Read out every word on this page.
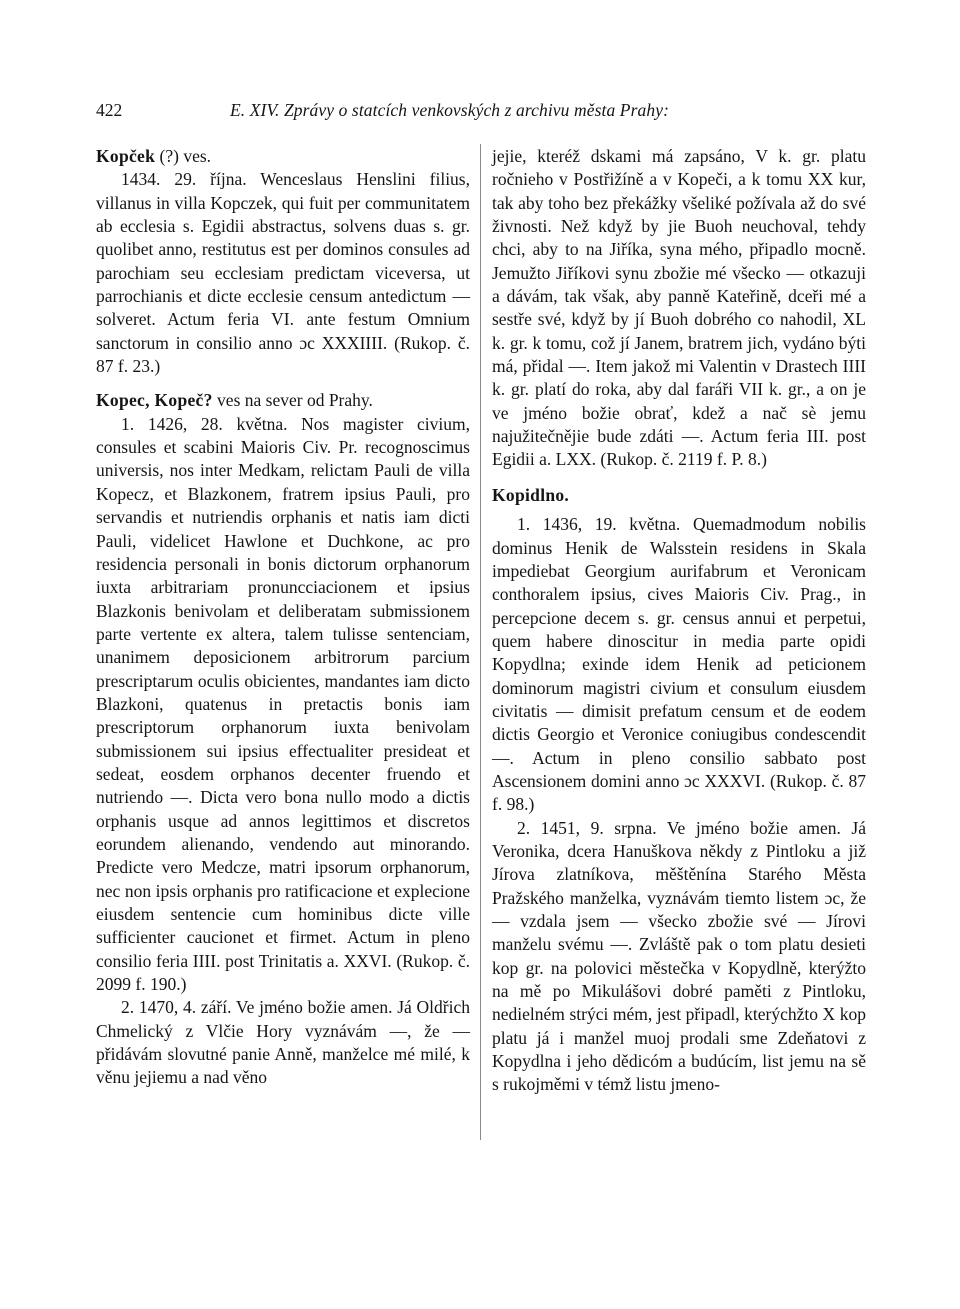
422	E. XIV. Zprávy o statcích venkovských z archivu města Prahy:
Kopček (?) ves.

1434. 29. října. Wenceslaus Henslini filius, villanus in villa Kopczek, qui fuit per communitatem ab ecclesia s. Egidii abstractus, solvens duas s. gr. quolibet anno, restitutus est per dominos consules ad parochiam seu ecclesiam predictam viceversa, ut parrochianis et dicte ecclesie censum antedictum — solveret. Actum feria VI. ante festum Omnium sanctorum in consilio anno ɔc XXXIIII. (Rukop. č. 87 f. 23.)

Kopec, Kopeč? ves na sever od Prahy.

1. 1426, 28. května. Nos magister civium, consules et scabini Maioris Civ. Pr. recognoscimus universis, nos inter Medkam, relictam Pauli de villa Kopecz, et Blazkonem, fratrem ipsius Pauli, pro servandis et nutriendis orphanis et natis iam dicti Pauli, videlicet Hawlone et Duchkone, ac pro residencia personali in bonis dictorum orphanorum iuxta arbitrariam pronuncciacionem et ipsius Blazkonis benivolam et deliberatam submissionem parte vertente ex altera, talem tulisse sentenciam, unanimem deposicionem arbitrorum parcium prescriptarum oculis obicientes, mandantes iam dicto Blazkoni, quatenus in pretactis bonis iam prescriptorum orphanorum iuxta benivolam submissionem sui ipsius effectualiter presideat et sedeat, eosdem orphanos decenter fruendo et nutriendo —. Dicta vero bona nullo modo a dictis orphanis usque ad annos legittimos et discretos eorundem alienando, vendendo aut minorando. Predicte vero Medcze, matri ipsorum orphanorum, nec non ipsis orphanis pro ratificacione et explecione eiusdem sentencie cum hominibus dicte ville sufficienter caucionet et firmet. Actum in pleno consilio feria IIII. post Trinitatis a. XXVI. (Rukop. č. 2099 f. 190.)

2. 1470, 4. září. Ve jméno božie amen. Já Oldřich Chmelický z Vlčie Hory vyznávám —, že — přidávám slovutné panie Anně, manželce mé milé, k věnu jejiemu a nad věno

jejie, kteréž dskami má zapsáno, V k. gr. platu ročnieho v Postřižíně a v Kopeči, a k tomu XX kur, tak aby toho bez překážky všeliké požívala až do své živnosti. Než když by jie Buoh neuchoval, tehdy chci, aby to na Jiříka, syna mého, připadlo mocně. Jemužto Jiříkovi synu zbožie mé všecko — otkazuji a dávám, tak však, aby panně Kateřině, dceři mé a sestře své, když by jí Buoh dobrého co nahodil, XL k. gr. k tomu, což jí Janem, bratrem jich, vydáno býti má, přidal —. Item jakož mi Valentin v Drastech IIII k. gr. platí do roka, aby dal faráři VII k. gr., a on je ve jméno božie obrať, kdež a nač sè jemu najužitečnějie bude zdáti —. Actum feria III. post Egidii a. LXX. (Rukop. č. 2119 f. P. 8.)

Kopidlno.

1. 1436, 19. května. Quemadmodum nobilis dominus Henik de Walsstein residens in Skala impediebat Georgium aurifabrum et Veronicam conthoralem ipsius, cives Maioris Civ. Prag., in percepcione decem s. gr. census annui et perpetui, quem habere dinoscitur in media parte opidi Kopydlna; exinde idem Henik ad peticionem dominorum magistri civium et consulum eiusdem civitatis — dimisit prefatum censum et de eodem dictis Georgio et Veronice coniugibus condescendit —. Actum in pleno consilio sabbato post Ascensionem domini anno ɔc XXXVI. (Rukop. č. 87 f. 98.)

2. 1451, 9. srpna. Ve jméno božie amen. Já Veronika, dcera Hanuškova někdy z Pintloku a již Jírova zlatníkova, měštěnína Starého Města Pražského manželka, vyznávám tiemto listem ɔc, že — vzdala jsem — všecko zbožie své — Jírovi manželu svému —. Zvláště pak o tom platu desieti kop gr. na polovici městečka v Kopydlně, kterýžto na mě po Mikulášovi dobré paměti z Pintloku, nedielném strýci mém, jest připadl, kterýchžto X kop platu já i manžel muoj prodali sme Zdeňatovi z Kopydlna i jeho dědicóm a budúcím, list jemu na sě s rukojměmi v témž listu jmeno-
